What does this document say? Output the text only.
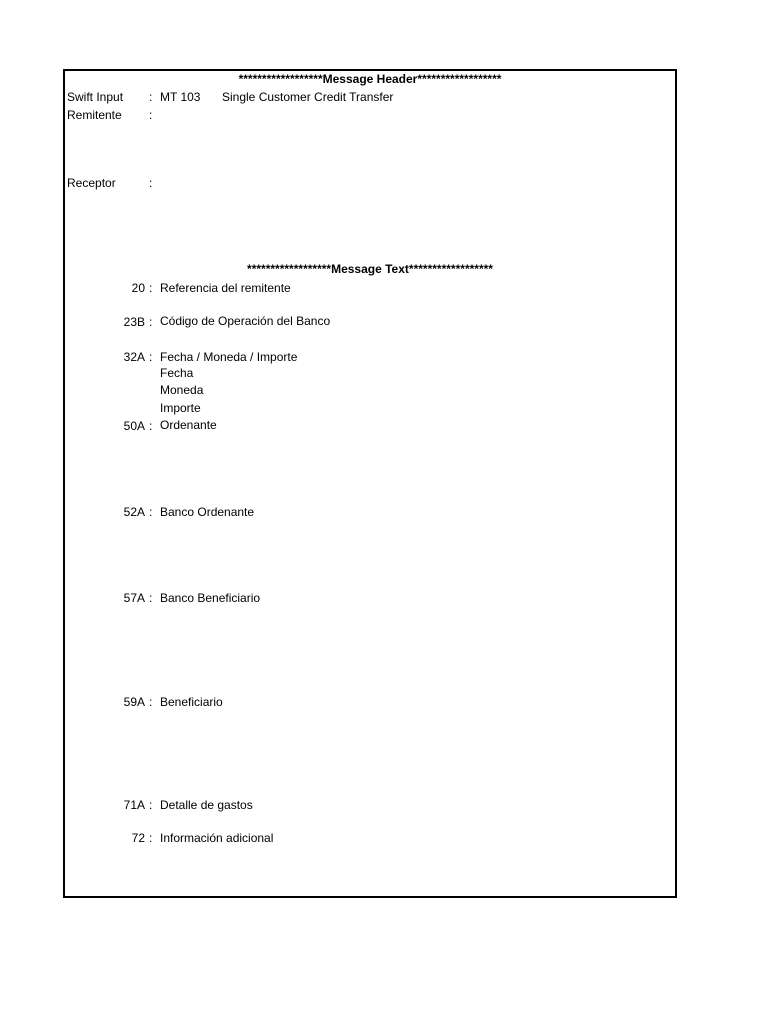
******************Message Header******************
Swift Input : MT 103 Single Customer Credit Transfer
Remitente :
Receptor	:
******************Message Text******************
20 : Referencia del remitente
23B : Código de Operación del Banco
32A : Fecha / Moneda / Importe
Fecha
Moneda
Importe
50A : Ordenante
52A : Banco Ordenante
57A : Banco Beneficiario
59A : Beneficiario
71A : Detalle de gastos
72 : Información adicional
